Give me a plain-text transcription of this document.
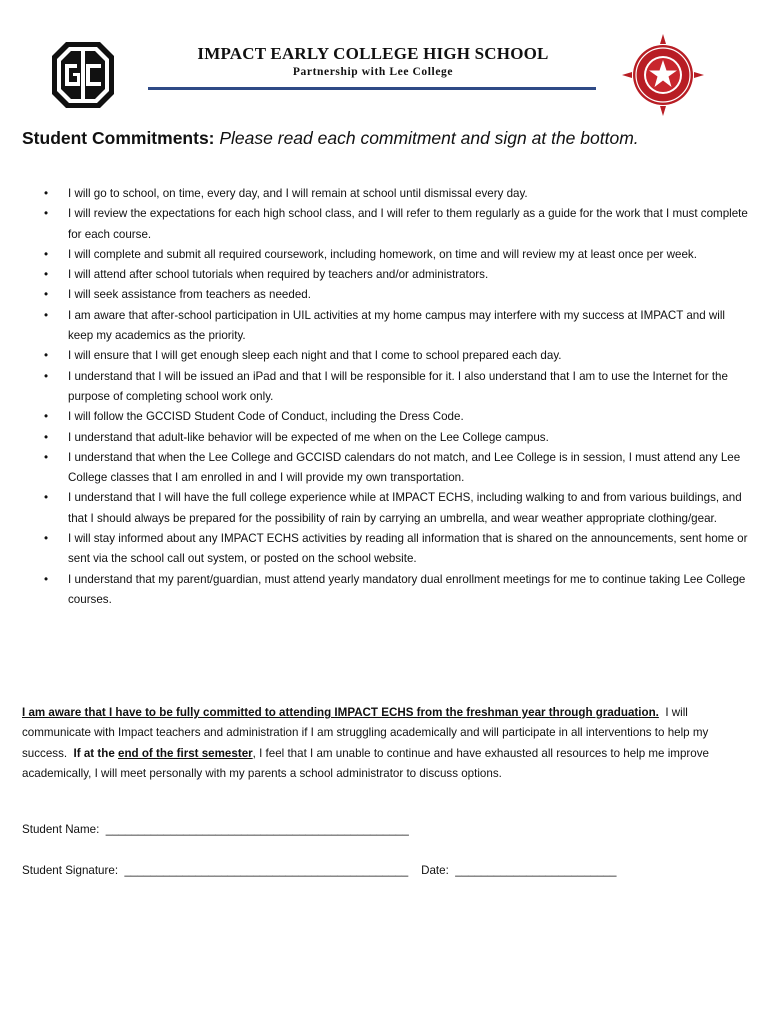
IMPACT EARLY COLLEGE HIGH SCHOOL
Partnership with Lee College
Student Commitments: Please read each commitment and sign at the bottom.
• I will go to school, on time, every day, and I will remain at school until dismissal every day.
• I will review the expectations for each high school class, and I will refer to them regularly as a guide for the work that I must complete for each course.
• I will complete and submit all required coursework, including homework, on time and will review my at least once per week.
• I will attend after school tutorials when required by teachers and/or administrators.
• I will seek assistance from teachers as needed.
• I am aware that after-school participation in UIL activities at my home campus may interfere with my success at IMPACT and will keep my academics as the priority.
• I will ensure that I will get enough sleep each night and that I come to school prepared each day.
• I understand that I will be issued an iPad and that I will be responsible for it. I also understand that I am to use the Internet for the purpose of completing school work only.
• I will follow the GCCISD Student Code of Conduct, including the Dress Code.
• I understand that adult-like behavior will be expected of me when on the Lee College campus.
• I understand that when the Lee College and GCCISD calendars do not match, and Lee College is in session, I must attend any Lee College classes that I am enrolled in and I will provide my own transportation.
• I understand that I will have the full college experience while at IMPACT ECHS, including walking to and from various buildings, and that I should always be prepared for the possibility of rain by carrying an umbrella, and wear weather appropriate clothing/gear.
• I will stay informed about any IMPACT ECHS activities by reading all information that is shared on the announcements, sent home or sent via the school call out system, or posted on the school website.
• I understand that my parent/guardian, must attend yearly mandatory dual enrollment meetings for me to continue taking Lee College courses.
I am aware that I have to be fully committed to attending IMPACT ECHS from the freshman year through graduation.  I will communicate with Impact teachers and administration if I am struggling academically and will participate in all interventions to help my success.  If at the end of the first semester, I feel that I am unable to continue and have exhausted all resources to help me improve academically, I will meet personally with my parents a school administrator to discuss options.
Student Name:  _______________________________________________
Student Signature:  ____________________________________________    Date:  _________________________
